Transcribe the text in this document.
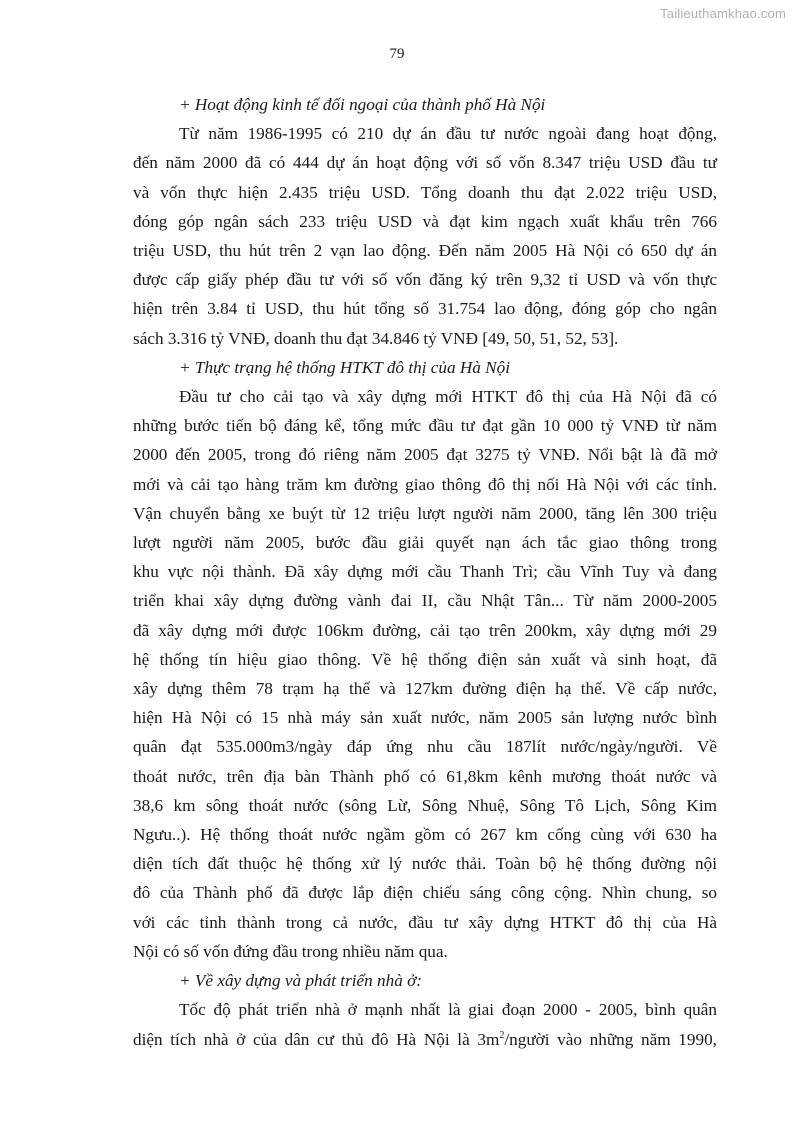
Tailieuthamkhao.com
79
+ Hoạt động kinh tế đối ngoại của thành phố Hà Nội
Từ năm 1986-1995 có 210 dự án đầu tư nước ngoài đang hoạt động,
đến năm 2000 đã có 444 dự án hoạt động với số vốn 8.347 triệu USD đầu tư
và vốn thực hiện 2.435 triệu USD. Tổng doanh thu đạt 2.022 triệu USD,
đóng góp ngân sách 233 triệu USD và đạt kim ngạch xuất khẩu trên 766
triệu USD, thu hút trên 2 vạn lao động. Đến năm 2005 Hà Nội có 650 dự án
được cấp giấy phép đầu tư với số vốn đăng ký trên 9,32 tỉ USD và vốn thực
hiện trên 3.84 tỉ USD, thu hút tổng số 31.754 lao động, đóng góp cho ngân
sách 3.316 tỷ VNĐ, doanh thu đạt 34.846 tỷ VNĐ [49, 50, 51, 52, 53].
+ Thực trạng hệ thống HTKT đô thị của Hà Nội
Đầu tư cho cải tạo và xây dựng mới HTKT đô thị của Hà Nội đã có
những bước tiến bộ đáng kể, tổng mức đầu tư đạt gần 10 000 tỷ VNĐ từ năm
2000 đến 2005, trong đó riêng năm 2005 đạt 3275 tỷ VNĐ. Nổi bật là đã mở
mới và cải tạo hàng trăm km đường giao thông đô thị nối Hà Nội với các tỉnh.
Vận chuyển bằng xe buýt từ 12 triệu lượt người năm 2000, tăng lên 300 triệu
lượt người năm 2005, bước đầu giải quyết nạn ách tắc giao thông trong
khu vực nội thành. Đã xây dựng mới cầu Thanh Trì; cầu Vĩnh Tuy và đang
triển khai xây dựng đường vành đai II, cầu Nhật Tân... Từ năm 2000-2005
đã xây dựng mới được 106km đường, cải tạo trên 200km, xây dựng mới 29
hệ thống tín hiệu giao thông. Về hệ thống điện sản xuất và sinh hoạt, đã
xây dựng thêm 78 trạm hạ thế và 127km đường điện hạ thế. Về cấp nước,
hiện Hà Nội có 15 nhà máy sản xuất nước, năm 2005 sản lượng nước bình
quân đạt 535.000m3/ngày đáp ứng nhu cầu 187lít nước/ngày/người. Về
thoát nước, trên địa bàn Thành phố có 61,8km kênh mương thoát nước và
38,6 km sông thoát nước (sông Lừ, Sông Nhuệ, Sông Tô Lịch, Sông Kim
Ngưu..). Hệ thống thoát nước ngầm gồm có 267 km cống cùng với 630 ha
diện tích đất thuộc hệ thống xử lý nước thải. Toàn bộ hệ thống đường nội
đô của Thành phố đã được lắp điện chiếu sáng công cộng. Nhìn chung, so
với các tỉnh thành trong cả nước, đầu tư xây dựng HTKT đô thị của Hà
Nội có số vốn đứng đầu trong nhiều năm qua.
+ Về xây dựng và phát triển nhà ở:
Tốc độ phát triển nhà ở mạnh nhất là giai đoạn 2000 - 2005, bình quân
diện tích nhà ở của dân cư thủ đô Hà Nội là $3m^2$/người vào những năm 1990,
